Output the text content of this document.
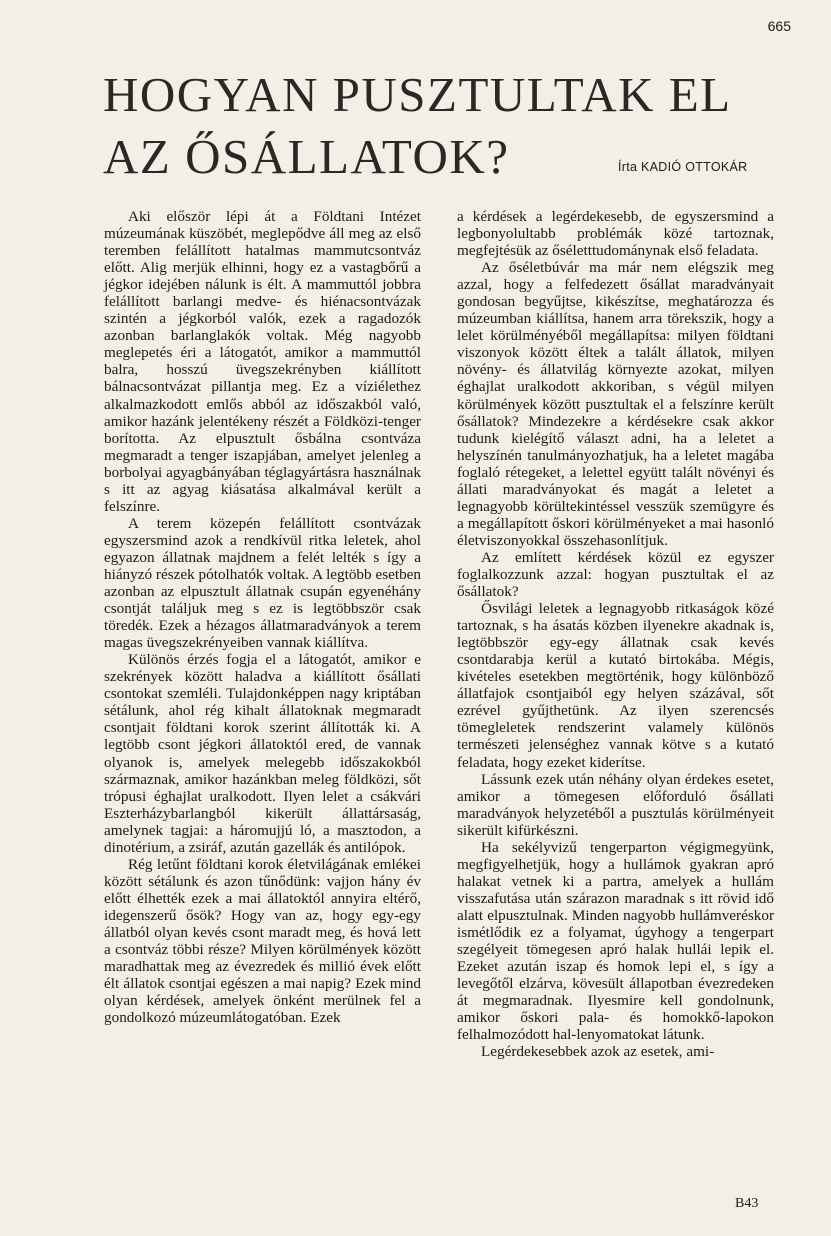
665
HOGYAN PUSZTULTAK EL
AZ ŐSÁLLATOK?	Írta KADIÓ OTTOKÁR

Aki először lépi át a Földtani Intézet múzeumának küszöbét, meglepődve áll meg az első teremben felállított hatalmas mammutcsontváz előtt. Alig merjük elhinni, hogy ez a vastagbőrű a jégkor idejében nálunk is élt. A mammuttól jobbra felállított barlangi medve- és hiénacsontvázak szintén a jégkorból valók, ezek a ragadozók azonban barlanglakók voltak. Még nagyobb meglepetés éri a látogatót, amikor a mammuttól balra, hosszú üvegszekrényben kiállított bálnacsontvázat pillantja meg. Ez a víziélethez alkalmazkodott emlős abból az időszakból való, amikor hazánk jelentékeny részét a Földközi-tenger borította. Az elpusztult ősbálna csontváza megmaradt a tenger iszapjában, amelyet jelenleg a borbolyai agyagbányában téglagyártásra használnak s itt az agyag kiásatása alkalmával került a felszínre.

A terem közepén felállított csontvázak egyszersmind azok a rendkívül ritka leletek, ahol egyazon állatnak majdnem a felét lelték s így a hiányzó részek pótolhatók voltak. A legtöbb esetben azonban az elpusztult állatnak csupán egyenéhány csontját találjuk meg s ez is legtöbbször csak töredék. Ezek a hézagos állatmaradványok a terem magas üvegszekrényeiben vannak kiállítva.

Különös érzés fogja el a látogatót, amikor e szekrények között haladva a kiállított ősállati csontokat szemléli. Tulajdonképpen nagy kriptában sétálunk, ahol rég kihalt állatoknak megmaradt csontjait földtani korok szerint állították ki. A legtöbb csont jégkori állatoktól ered, de vannak olyanok is, amelyek melegebb időszakokból származnak, amikor hazánkban meleg földközi, sőt trópusi éghajlat uralkodott. Ilyen lelet a csákvári Eszterházybarlangból kikerült állattársaság, amelynek tagjai: a háromujjú ló, a masztodon, a dinotérium, a zsiráf, azután gazellák és antilópok.

Rég letűnt földtani korok életvilágának emlékei között sétálunk és azon tűnődünk: vajjon hány év előtt élhették ezek a mai állatoktól annyira eltérő, idegenszerű ősök? Hogy van az, hogy egy-egy állatból olyan kevés csont maradt meg, és hová lett a csontváz többi része? Milyen körülmények között maradhattak meg az évezredek és millió évek előtt élt állatok csontjai egészen a mai napig? Ezek mind olyan kérdések, amelyek önként merülnek fel a gondolkozó múzeumlátogatóban. Ezek

a kérdések a legérdekesebb, de egyszersmind a legbonyolultabb problémák közé tartoznak, megfejtésük az őséletttudománynak első feladata.

Az őséletbúvár ma már nem elégszik meg azzal, hogy a felfedezett ősállat maradványait gondosan begyűjtse, kikészítse, meghatározza és múzeumban kiállítsa, hanem arra törekszik, hogy a lelet körülményéből megállapítsa: milyen földtani viszonyok között éltek a talált állatok, milyen növény- és állatvilág környezte azokat, milyen éghajlat uralkodott akkoriban, s végül milyen körülmények között pusztultak el a felszínre került ősállatok? Mindezekre a kérdésekre csak akkor tudunk kielégítő választ adni, ha a leletet a helyszínén tanulmányozhatjuk, ha a leletet magába foglaló rétegeket, a lelettel együtt talált növényi és állati maradványokat és magát a leletet a legnagyobb körültekintéssel vesszük szemügyre és a megállapított őskori körülményeket a mai hasonló életviszonyokkal összehasonlítjuk.

Az említett kérdések közül ez egyszer foglalkozzunk azzal: hogyan pusztultak el az ősállatok?

Ősvilági leletek a legnagyobb ritkaságok közé tartoznak, s ha ásatás közben ilyenekre akadnak is, legtöbbször egy-egy állatnak csak kevés csontdarabja kerül a kutató birtokába. Mégis, kivételes esetekben megtörténik, hogy különböző állatfajok csontjaiból egy helyen százával, sőt ezrével gyűjthetünk. Az ilyen szerencsés tömegleletek rendszerint valamely különös természeti jelenséghez vannak kötve s a kutató feladata, hogy ezeket kiderítse.

Lássunk ezek után néhány olyan érdekes esetet, amikor a tömegesen előforduló ősállati maradványok helyzetéből a pusztulás körülményeit sikerült kifürkészni.

Ha sekélyvizű tengerparton végigmegyünk, megfigyelhetjük, hogy a hullámok gyakran apró halakat vetnek ki a partra, amelyek a hullám visszafutása után szárazon maradnak s itt rövid idő alatt elpusztulnak. Minden nagyobb hullámveréskor ismétlődik ez a folyamat, úgyhogy a tengerpart szegélyeit tömegesen apró halak hullái lepik el. Ezeket azután iszap és homok lepi el, s így a levegőtől elzárva, kövesült állapotban évezredeken át megmaradnak. Ilyesmire kell gondolnunk, amikor őskori pala- és homokkő-lapokon felhalmozódott hal-lenyomatokat látunk.

Legérdekesebbek azok az esetek, ami-

B43
